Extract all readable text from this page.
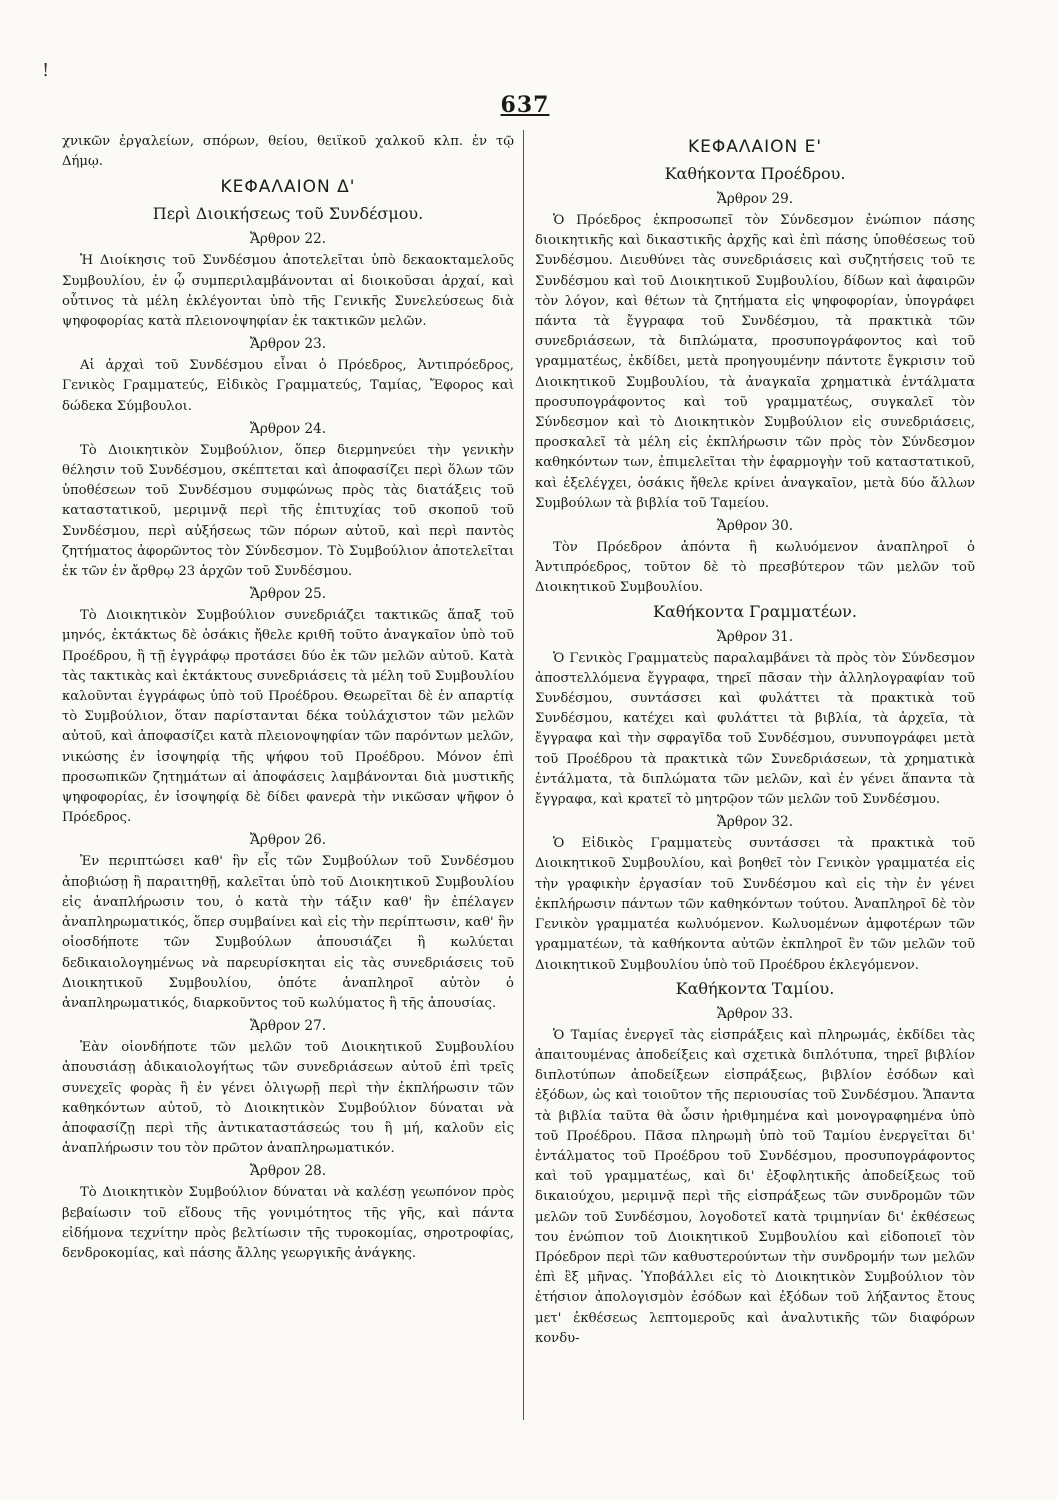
!
637

χνικῶν ἐργαλείων, σπόρων, θείου, θειϊκοῦ χαλκοῦ κλπ. ἐν τῷ Δήμῳ.

ΚΕΦΑΛΑΙΟΝ Δ'
Περὶ Διοικήσεως τοῦ Συνδέσμου.
Ἄρθρον 22.

Ἡ Διοίκησις τοῦ Συνδέσμου ἀποτελεῖται ὑπὸ δεκαοκταμελοῦς Συμβουλίου, ἐν ᾧ συμπεριλαμβάνονται αἱ διοικοῦσαι ἀρχαί, καὶ οὗτινος τὰ μέλη ἐκλέγονται ὑπὸ τῆς Γενικῆς Συνελεύσεως διὰ ψηφοφορίας κατὰ πλειονοψηφίαν ἐκ τακτικῶν μελῶν.

Ἄρθρον 23.

Αἱ ἀρχαὶ τοῦ Συνδέσμου εἶναι ὁ Πρόεδρος, Ἀντιπρόεδρος, Γενικὸς Γραμματεύς, Εἰδικὸς Γραμματεύς, Ταμίας, Ἔφορος καὶ δώδεκα Σύμβουλοι.

Ἄρθρον 24.

Τὸ Διοικητικὸν Συμβούλιον, ὅπερ διερμηνεύει τὴν γενικὴν θέλησιν τοῦ Συνδέσμου, σκέπτεται καὶ ἀποφασίζει περὶ ὅλων τῶν ὑποθέσεων τοῦ Συνδέσμου συμφώνως πρὸς τὰς διατάξεις τοῦ καταστατικοῦ, μεριμνᾷ περὶ τῆς ἐπιτυχίας τοῦ σκοποῦ τοῦ Συνδέσμου, περὶ αὐξήσεως τῶν πόρων αὐτοῦ, καὶ περὶ παντὸς ζητήματος ἀφορῶντος τὸν Σύνδεσμον. Τὸ Συμβούλιον ἀποτελεῖται ἐκ τῶν ἐν ἄρθρῳ 23 ἀρχῶν τοῦ Συνδέσμου.

Ἄρθρον 25.

Τὸ Διοικητικὸν Συμβούλιον συνεδριάζει τακτικῶς ἅπαξ τοῦ μηνός, ἐκτάκτως δὲ ὁσάκις ἤθελε κριθῆ τοῦτο ἀναγκαῖον ὑπὸ τοῦ Προέδρου, ἢ τῇ ἐγγράφῳ προτάσει δύο ἐκ τῶν μελῶν αὐτοῦ. Κατὰ τὰς τακτικὰς καὶ ἐκτάκτους συνεδριάσεις τὰ μέλη τοῦ Συμβουλίου καλοῦνται ἐγγράφως ὑπὸ τοῦ Προέδρου. Θεωρεῖται δὲ ἐν απαρτίᾳ τὸ Συμβούλιον, ὅταν παρίστανται δέκα τοὐλάχιστον τῶν μελῶν αὐτοῦ, καὶ ἀποφασίζει κατὰ πλειονοψηφίαν τῶν παρόντων μελῶν, νικώσης ἐν ἰσοψηφίᾳ τῆς ψήφου τοῦ Προέδρου. Μόνον ἐπὶ προσωπικῶν ζητημάτων αἱ ἀποφάσεις λαμβάνονται διὰ μυστικῆς ψηφοφορίας, ἐν ἰσοψηφίᾳ δὲ δίδει φανερὰ τὴν νικῶσαν ψῆφον ὁ Πρόεδρος.

Ἄρθρον 26.

Ἐν περιπτώσει καθ' ἣν εἷς τῶν Συμβούλων τοῦ Συνδέσμου ἀποβιώσῃ ἢ παραιτηθῇ, καλεῖται ὑπὸ τοῦ Διοικητικοῦ Συμβουλίου εἰς ἀναπλήρωσιν του, ὁ κατὰ τὴν τάξιν καθ' ἣν ἐπέλαγεν ἀναπληρωματικός, ὅπερ συμβαίνει καὶ εἰς τὴν περίπτωσιν, καθ' ἣν οἱοσδήποτε τῶν Συμβούλων ἀπουσιάζει ἢ κωλύεται δεδικαιολογημένως νὰ παρευρίσκηται εἰς τὰς συνεδριάσεις τοῦ Διοικητικοῦ Συμβουλίου, ὁπότε ἀναπληροῖ αὐτὸν ὁ ἀναπληρωματικός, διαρκοῦντος τοῦ κωλύματος ἢ τῆς ἀπουσίας.

Ἄρθρον 27.

Ἐὰν οἱονδήποτε τῶν μελῶν τοῦ Διοικητικοῦ Συμβουλίου ἀπουσιάσῃ ἀδικαιολογήτως τῶν συνεδριάσεων αὐτοῦ ἐπὶ τρεῖς συνεχεῖς φορὰς ἢ ἐν γένει ὀλιγωρῇ περὶ τὴν ἐκπλήρωσιν τῶν καθηκόντων αὐτοῦ, τὸ Διοικητικὸν Συμβούλιον δύναται νὰ ἀποφασίζῃ περὶ τῆς ἀντικαταστάσεώς του ἢ μή, καλοῦν εἰς ἀναπλήρωσιν του τὸν πρῶτον ἀναπληρωματικόν.

Ἄρθρον 28.

Τὸ Διοικητικὸν Συμβούλιον δύναται νὰ καλέσῃ γεωπόνον πρὸς βεβαίωσιν τοῦ εἴδους τῆς γονιμότητος τῆς γῆς, καὶ πάντα εἰδήμονα τεχνίτην πρὸς βελτίωσιν τῆς τυροκομίας, σηροτροφίας, δενδροκομίας, καὶ πάσης ἄλλης γεωργικῆς ἀνάγκης.

ΚΕΦΑΛΑΙΟΝ Ε'
Καθήκοντα Προέδρου.
Ἄρθρον 29.

Ὁ Πρόεδρος ἐκπροσωπεῖ τὸν Σύνδεσμον ἐνώπιον πάσης διοικητικῆς καὶ δικαστικῆς ἀρχῆς καὶ ἐπὶ πάσης ὑποθέσεως τοῦ Συνδέσμου. Διευθύνει τὰς συνεδριάσεις καὶ συζητήσεις τοῦ τε Συνδέσμου καὶ τοῦ Διοικητικοῦ Συμβουλίου, δίδων καὶ ἀφαιρῶν τὸν λόγον, καὶ θέτων τὰ ζητήματα εἰς ψηφοφορίαν, ὑπογράφει πάντα τὰ ἔγγραφα τοῦ Συνδέσμου, τὰ πρακτικὰ τῶν συνεδριάσεων, τὰ διπλώματα, προσυπογράφοντος καὶ τοῦ γραμματέως, ἐκδίδει, μετὰ προηγουμένην πάντοτε ἔγκρισιν τοῦ Διοικητικοῦ Συμβουλίου, τὰ ἀναγκαῖα χρηματικὰ ἐντάλματα προσυπογράφοντος καὶ τοῦ γραμματέως, συγκαλεῖ τὸν Σύνδεσμον καὶ τὸ Διοικητικὸν Συμβούλιον εἰς συνεδριάσεις, προσκαλεῖ τὰ μέλη εἰς ἐκπλήρωσιν τῶν πρὸς τὸν Σύνδεσμον καθηκόντων των, ἐπιμελεῖται τὴν ἐφαρμογὴν τοῦ καταστατικοῦ, καὶ ἐξελέγχει, ὁσάκις ἤθελε κρίνει ἀναγκαῖον, μετὰ δύο ἄλλων Συμβούλων τὰ βιβλία τοῦ Ταμείου.

Ἄρθρον 30.

Τὸν Πρόεδρον ἀπόντα ἢ κωλυόμενον ἀναπληροῖ ὁ Ἀντιπρόεδρος, τοῦτον δὲ τὸ πρεσβύτερον τῶν μελῶν τοῦ Διοικητικοῦ Συμβουλίου.

Καθήκοντα Γραμματέων.
Ἄρθρον 31.

Ὁ Γενικὸς Γραμματεὺς παραλαμβάνει τὰ πρὸς τὸν Σύνδεσμον ἀποστελλόμενα ἔγγραφα, τηρεῖ πᾶσαν τὴν ἀλληλογραφίαν τοῦ Συνδέσμου, συντάσσει καὶ φυλάττει τὰ πρακτικὰ τοῦ Συνδέσμου, κατέχει καὶ φυλάττει τὰ βιβλία, τὰ ἀρχεῖα, τὰ ἔγγραφα καὶ τὴν σφραγῖδα τοῦ Συνδέσμου, συνυπογράφει μετὰ τοῦ Προέδρου τὰ πρακτικὰ τῶν Συνεδριάσεων, τὰ χρηματικὰ ἐντάλματα, τὰ διπλώματα τῶν μελῶν, καὶ ἐν γένει ἅπαντα τὰ ἔγγραφα, καὶ κρατεῖ τὸ μητρῷον τῶν μελῶν τοῦ Συνδέσμου.

Ἄρθρον 32.

Ὁ Εἰδικὸς Γραμματεὺς συντάσσει τὰ πρακτικὰ τοῦ Διοικητικοῦ Συμβουλίου, καὶ βοηθεῖ τὸν Γενικὸν γραμματέα εἰς τὴν γραφικὴν ἐργασίαν τοῦ Συνδέσμου καὶ εἰς τὴν ἐν γένει ἐκπλήρωσιν πάντων τῶν καθηκόντων τούτου. Ἀναπληροῖ δὲ τὸν Γενικὸν γραμματέα κωλυόμενον. Κωλυομένων ἀμφοτέρων τῶν γραμματέων, τὰ καθήκοντα αὐτῶν ἐκπληροῖ ἓν τῶν μελῶν τοῦ Διοικητικοῦ Συμβουλίου ὑπὸ τοῦ Προέδρου ἐκλεγόμενον.

Καθήκοντα Ταμίου.
Ἄρθρον 33.

Ὁ Ταμίας ἐνεργεῖ τὰς εἰσπράξεις καὶ πληρωμάς, ἐκδίδει τὰς ἀπαιτουμένας ἀποδείξεις καὶ σχετικὰ διπλότυπα, τηρεῖ βιβλίον διπλοτύπων ἀποδείξεων εἰσπράξεως, βιβλίον ἐσόδων καὶ ἐξόδων, ὡς καὶ τοιοῦτον τῆς περιουσίας τοῦ Συνδέσμου. Ἅπαντα τὰ βιβλία ταῦτα θὰ ὦσιν ἠριθμημένα καὶ μονογραφημένα ὑπὸ τοῦ Προέδρου. Πᾶσα πληρωμὴ ὑπὸ τοῦ Ταμίου ἐνεργεῖται δι' ἐντάλματος τοῦ Προέδρου τοῦ Συνδέσμου, προσυπογράφοντος καὶ τοῦ γραμματέως, καὶ δι' ἐξοφλητικῆς ἀποδείξεως τοῦ δικαιούχου, μεριμνᾷ περὶ τῆς εἰσπράξεως τῶν συνδρομῶν τῶν μελῶν τοῦ Συνδέσμου, λογοδοτεῖ κατὰ τριμηνίαν δι' ἐκθέσεως του ἐνώπιον τοῦ Διοικητικοῦ Συμβουλίου καὶ εἰδοποιεῖ τὸν Πρόεδρον περὶ τῶν καθυστερούντων τὴν συνδρομήν των μελῶν ἐπὶ ἓξ μῆνας. Ὑποβάλλει εἰς τὸ Διοικητικὸν Συμβούλιον τὸν ἐτήσιον ἀπολογισμὸν ἐσόδων καὶ ἐξόδων τοῦ λήξαντος ἔτους μετ' ἐκθέσεως λεπτομεροῦς καὶ ἀναλυτικῆς τῶν διαφόρων κονδυ-
